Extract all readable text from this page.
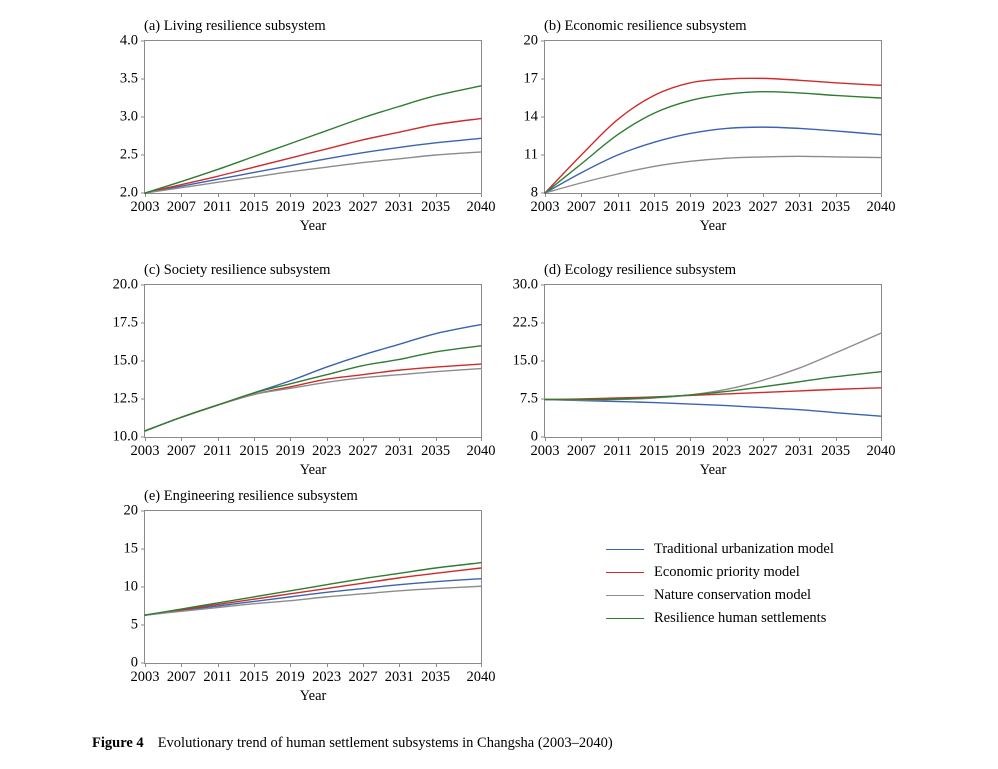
(a) Living resilience subsystem
2.0
2.5
3.0
3.5
4.0
2003 2007 2011 2015 2019 2023 2027 2031 2035 2040
Year
(b) Economic resilience subsystem
8
11
14
17
20
2003 2007 2011 2015 2019 2023 2027 2031 2035 2040
Year
(c) Society resilience subsystem
10.0
12.5
15.0
17.5
20.0
2003 2007 2011 2015 2019 2023 2027 2031 2035 2040
Year
(d) Ecology resilience subsystem
0
7.5
15.0
22.5
30.0
2003 2007 2011 2015 2019 2023 2027 2031 2035 2040
Year
(e) Engineering resilience subsystem
0
5
10
15
20
2003 2007 2011 2015 2019 2023 2027 2031 2035 2040
Year
Traditional urbanization model
Economic priority model
Nature conservation model
Resilience human settlements
Figure 4 Evolutionary trend of human settlement subsystems in Changsha (2003–2040)
